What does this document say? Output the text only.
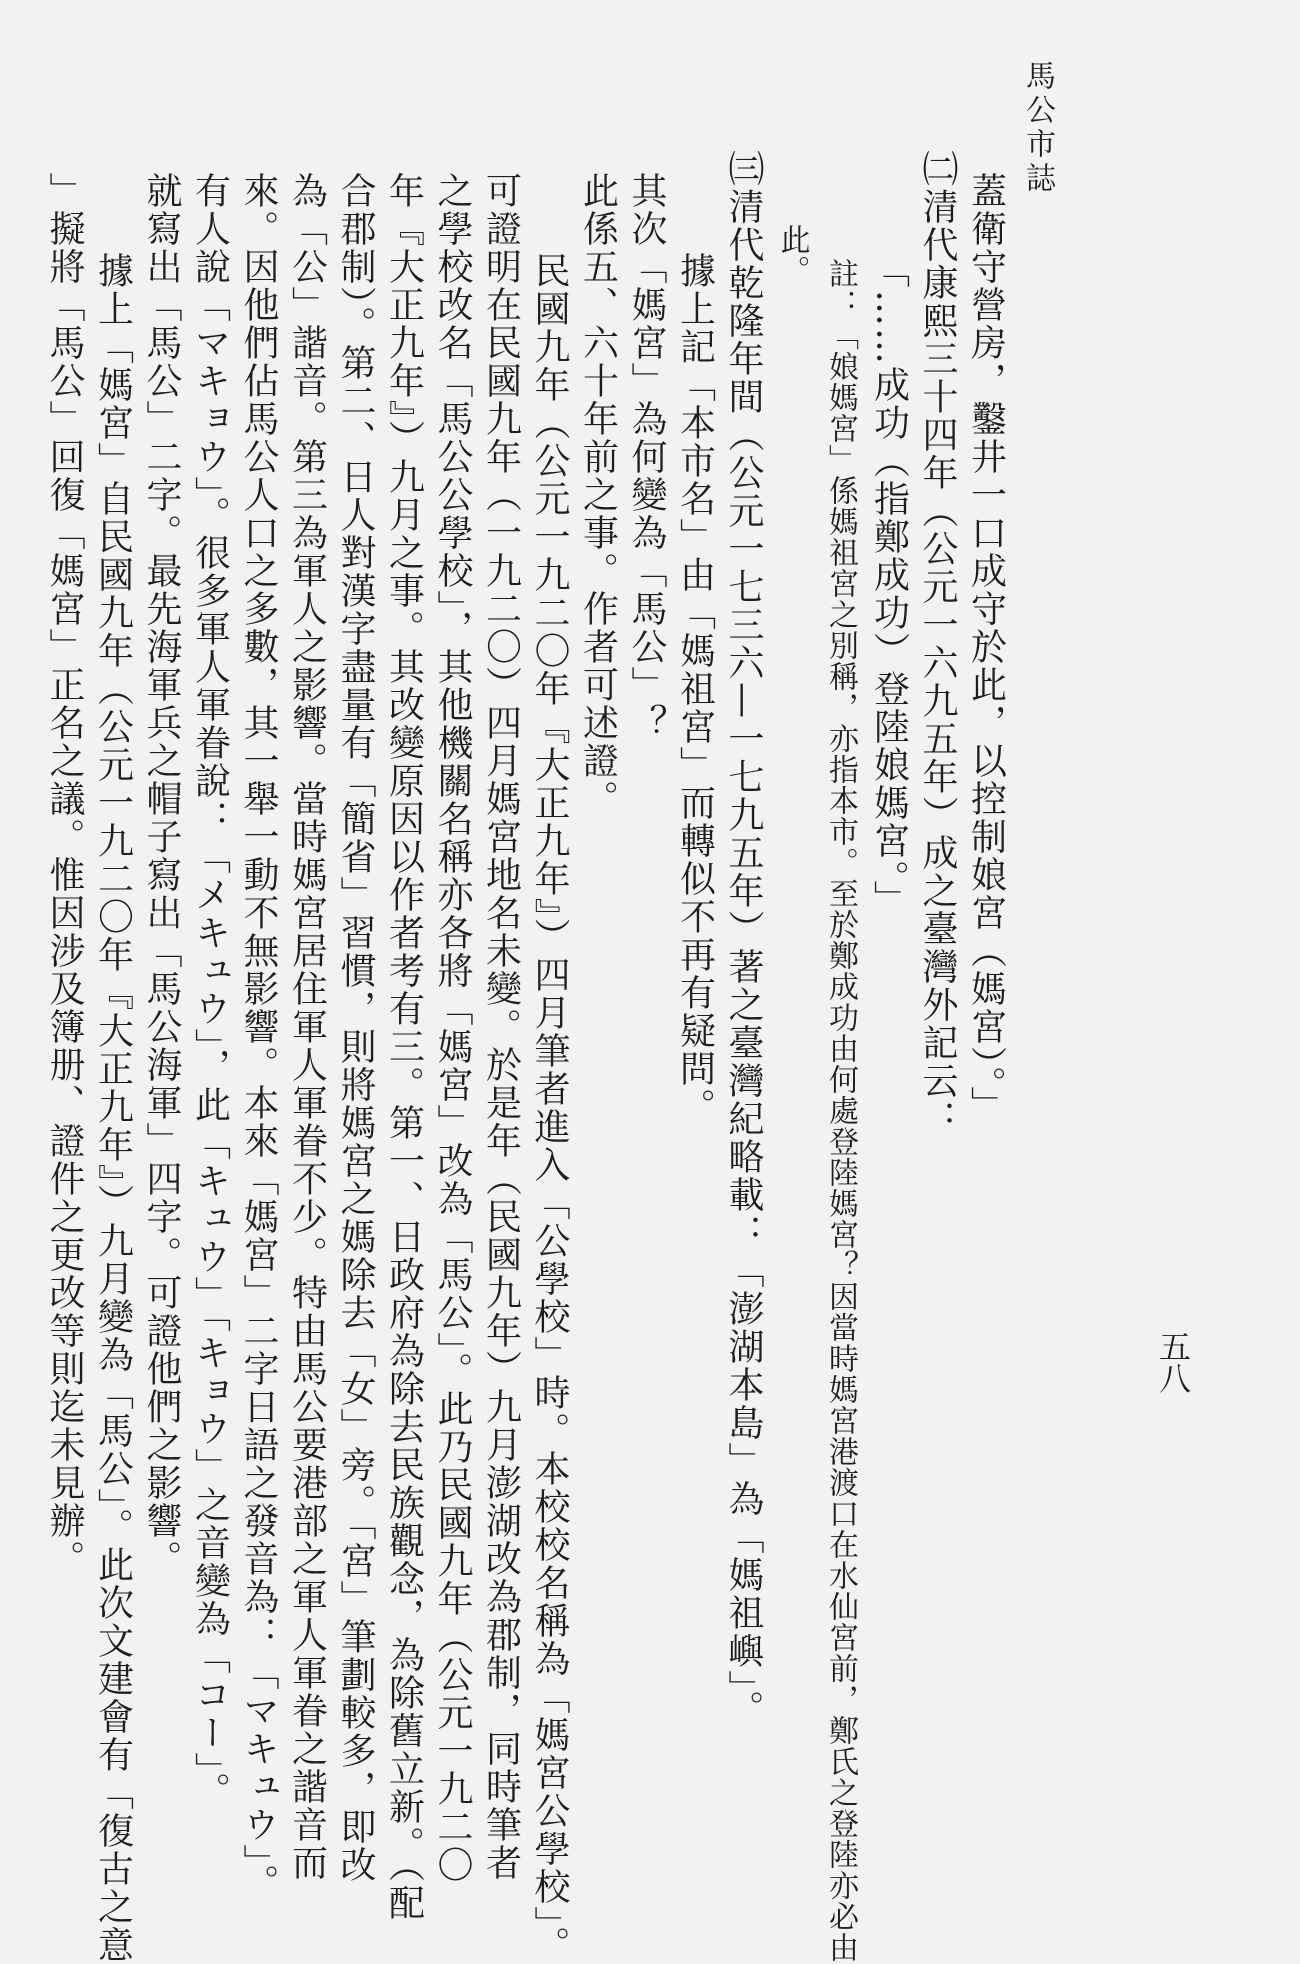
馬公市誌
五八
蓋衛守營房，鑿井一口成守於此，以控制娘宮（媽宮）。」
㈡清代康熙三十四年（公元一六九五年）成之臺灣外記云：
「……成功（指鄭成功）登陸娘媽宮。」
註：「娘媽宮」係媽祖宮之別稱，亦指本市。至於鄭成功由何處登陸媽宮？因當時媽宮港渡口在水仙宮前，鄭氏之登陸亦必由
此。
㈢清代乾隆年間（公元一七三六—一七九五年）著之臺灣紀略載：「澎湖本島」為「媽祖嶼」。
據上記「本市名」由「媽祖宮」而轉似不再有疑問。
其次「媽宮」為何變為「馬公」？
此係五、六十年前之事。作者可述證。
民國九年（公元一九二〇年『大正九年』）四月筆者進入「公學校」時。本校校名稱為「媽宮公學校」。
可證明在民國九年（一九二〇）四月媽宮地名未變。於是年（民國九年）九月澎湖改為郡制，同時筆者
之學校改名「馬公公學校」，其他機關名稱亦各將「媽宮」改為「馬公」。此乃民國九年（公元一九二〇
年『大正九年』）九月之事。其改變原因以作者考有三。第一、日政府為除去民族觀念，為除舊立新。（配
合郡制）。第二、日人對漢字盡量有「簡省」習慣，則將媽宮之媽除去「女」旁。「宮」筆劃較多，即改
為「公」諧音。第三為軍人之影響。當時媽宮居住軍人軍眷不少。特由馬公要港部之軍人軍眷之諧音而
來。因他們佔馬公人口之多數，其一舉一動不無影響。本來「媽宮」二字日語之發音為：「マキュウ」。
有人說「マキョウ」。很多軍人軍眷說：「メキュウ」，此「キュウ」「キョウ」之音變為「コー」。
就寫出「馬公」二字。最先海軍兵之帽子寫出「馬公海軍」四字。可證他們之影響。
據上「媽宮」自民國九年（公元一九二〇年『大正九年』）九月變為「馬公」。此次文建會有「復古之意
」擬將「馬公」回復「媽宮」正名之議。惟因涉及簿册、證件之更改等則迄未見辦。
